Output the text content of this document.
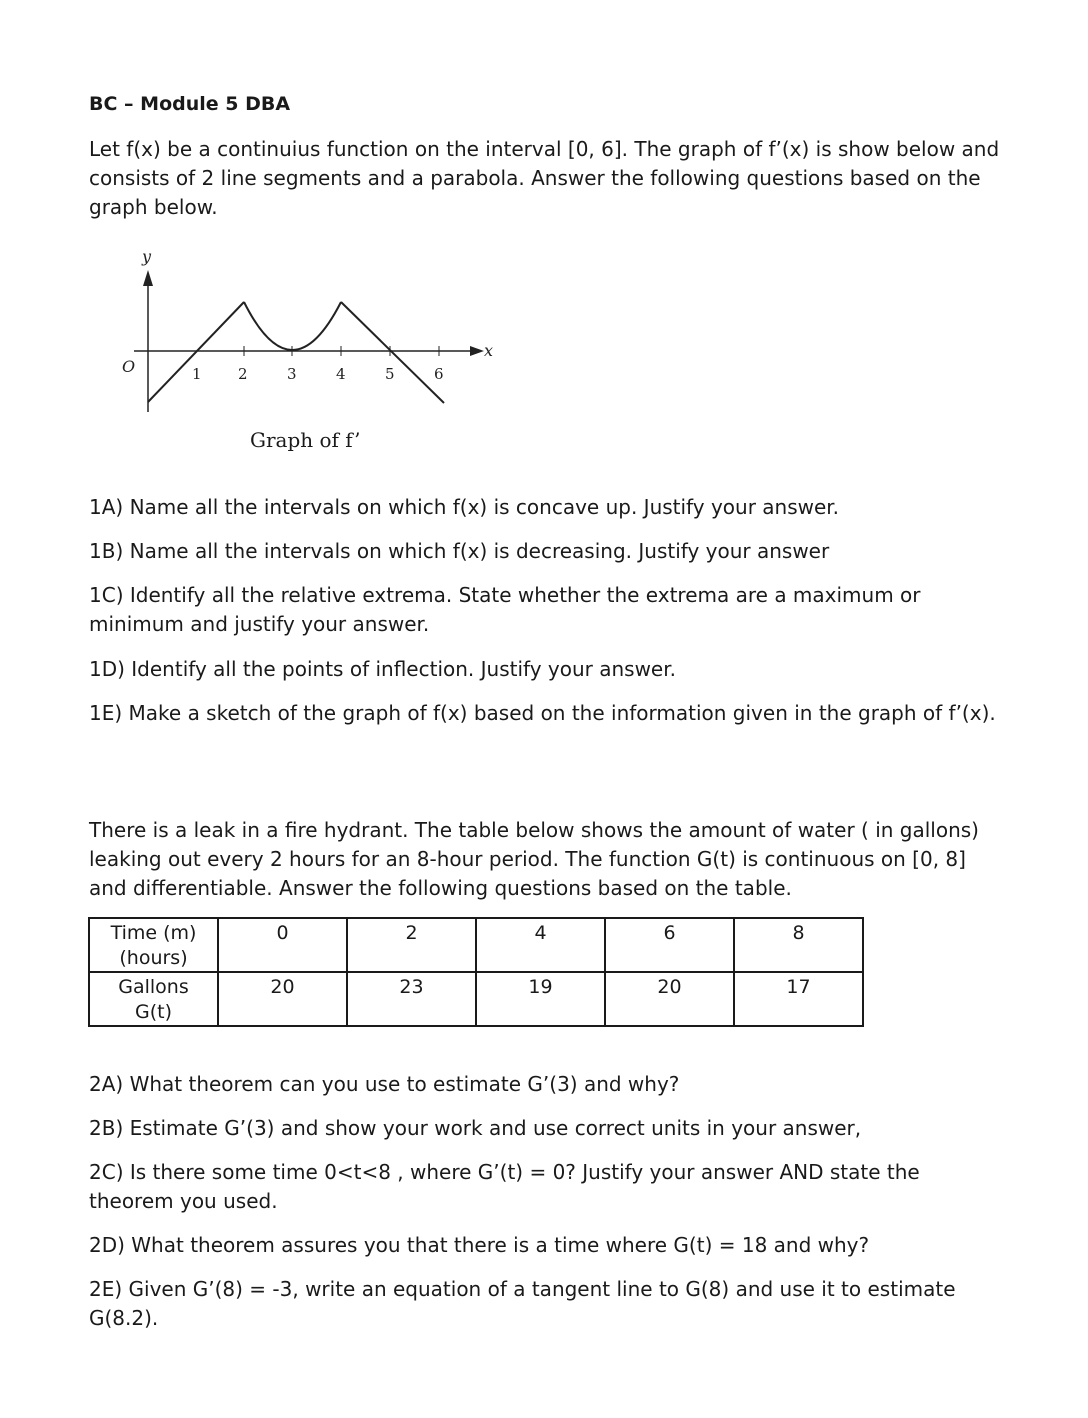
BC – Module 5 DBA
Let f(x) be a continuius function on the interval [0, 6]. The graph of f’(x) is show below and consists of 2 line segments and a parabola. Answer the following questions based on the graph below.
y
x
O	1 2	3	4	5	6
Graph of f’
1A) Name all the intervals on which f(x) is concave up. Justify your answer.
1B) Name all the intervals on which f(x) is decreasing. Justify your answer
1C) Identify all the relative extrema. State whether the extrema are a maximum or minimum and justify your answer.
1D) Identify all the points of inflection. Justify your answer.
1E) Make a sketch of the graph of f(x) based on the information given in the graph of f’(x).
There is a leak in a fire hydrant. The table below shows the amount of water ( in gallons) leaking out every 2 hours for an 8-hour period. The function G(t) is continuous on [0, 8] and differentiable. Answer the following questions based on the table.
Time (m)
(hours)	0	2	4	6	8

Gallons
G(t)	20	23	19	20	17
2A) What theorem can you use to estimate G’(3) and why?
2B) Estimate G’(3) and show your work and use correct units in your answer,
2C) Is there some time 0<t<8 , where G’(t) = 0? Justify your answer AND state the theorem you used.
2D) What theorem assures you that there is a time where G(t) = 18 and why?
2E) Given G’(8) = -3, write an equation of a tangent line to G(8) and use it to estimate G(8.2).
